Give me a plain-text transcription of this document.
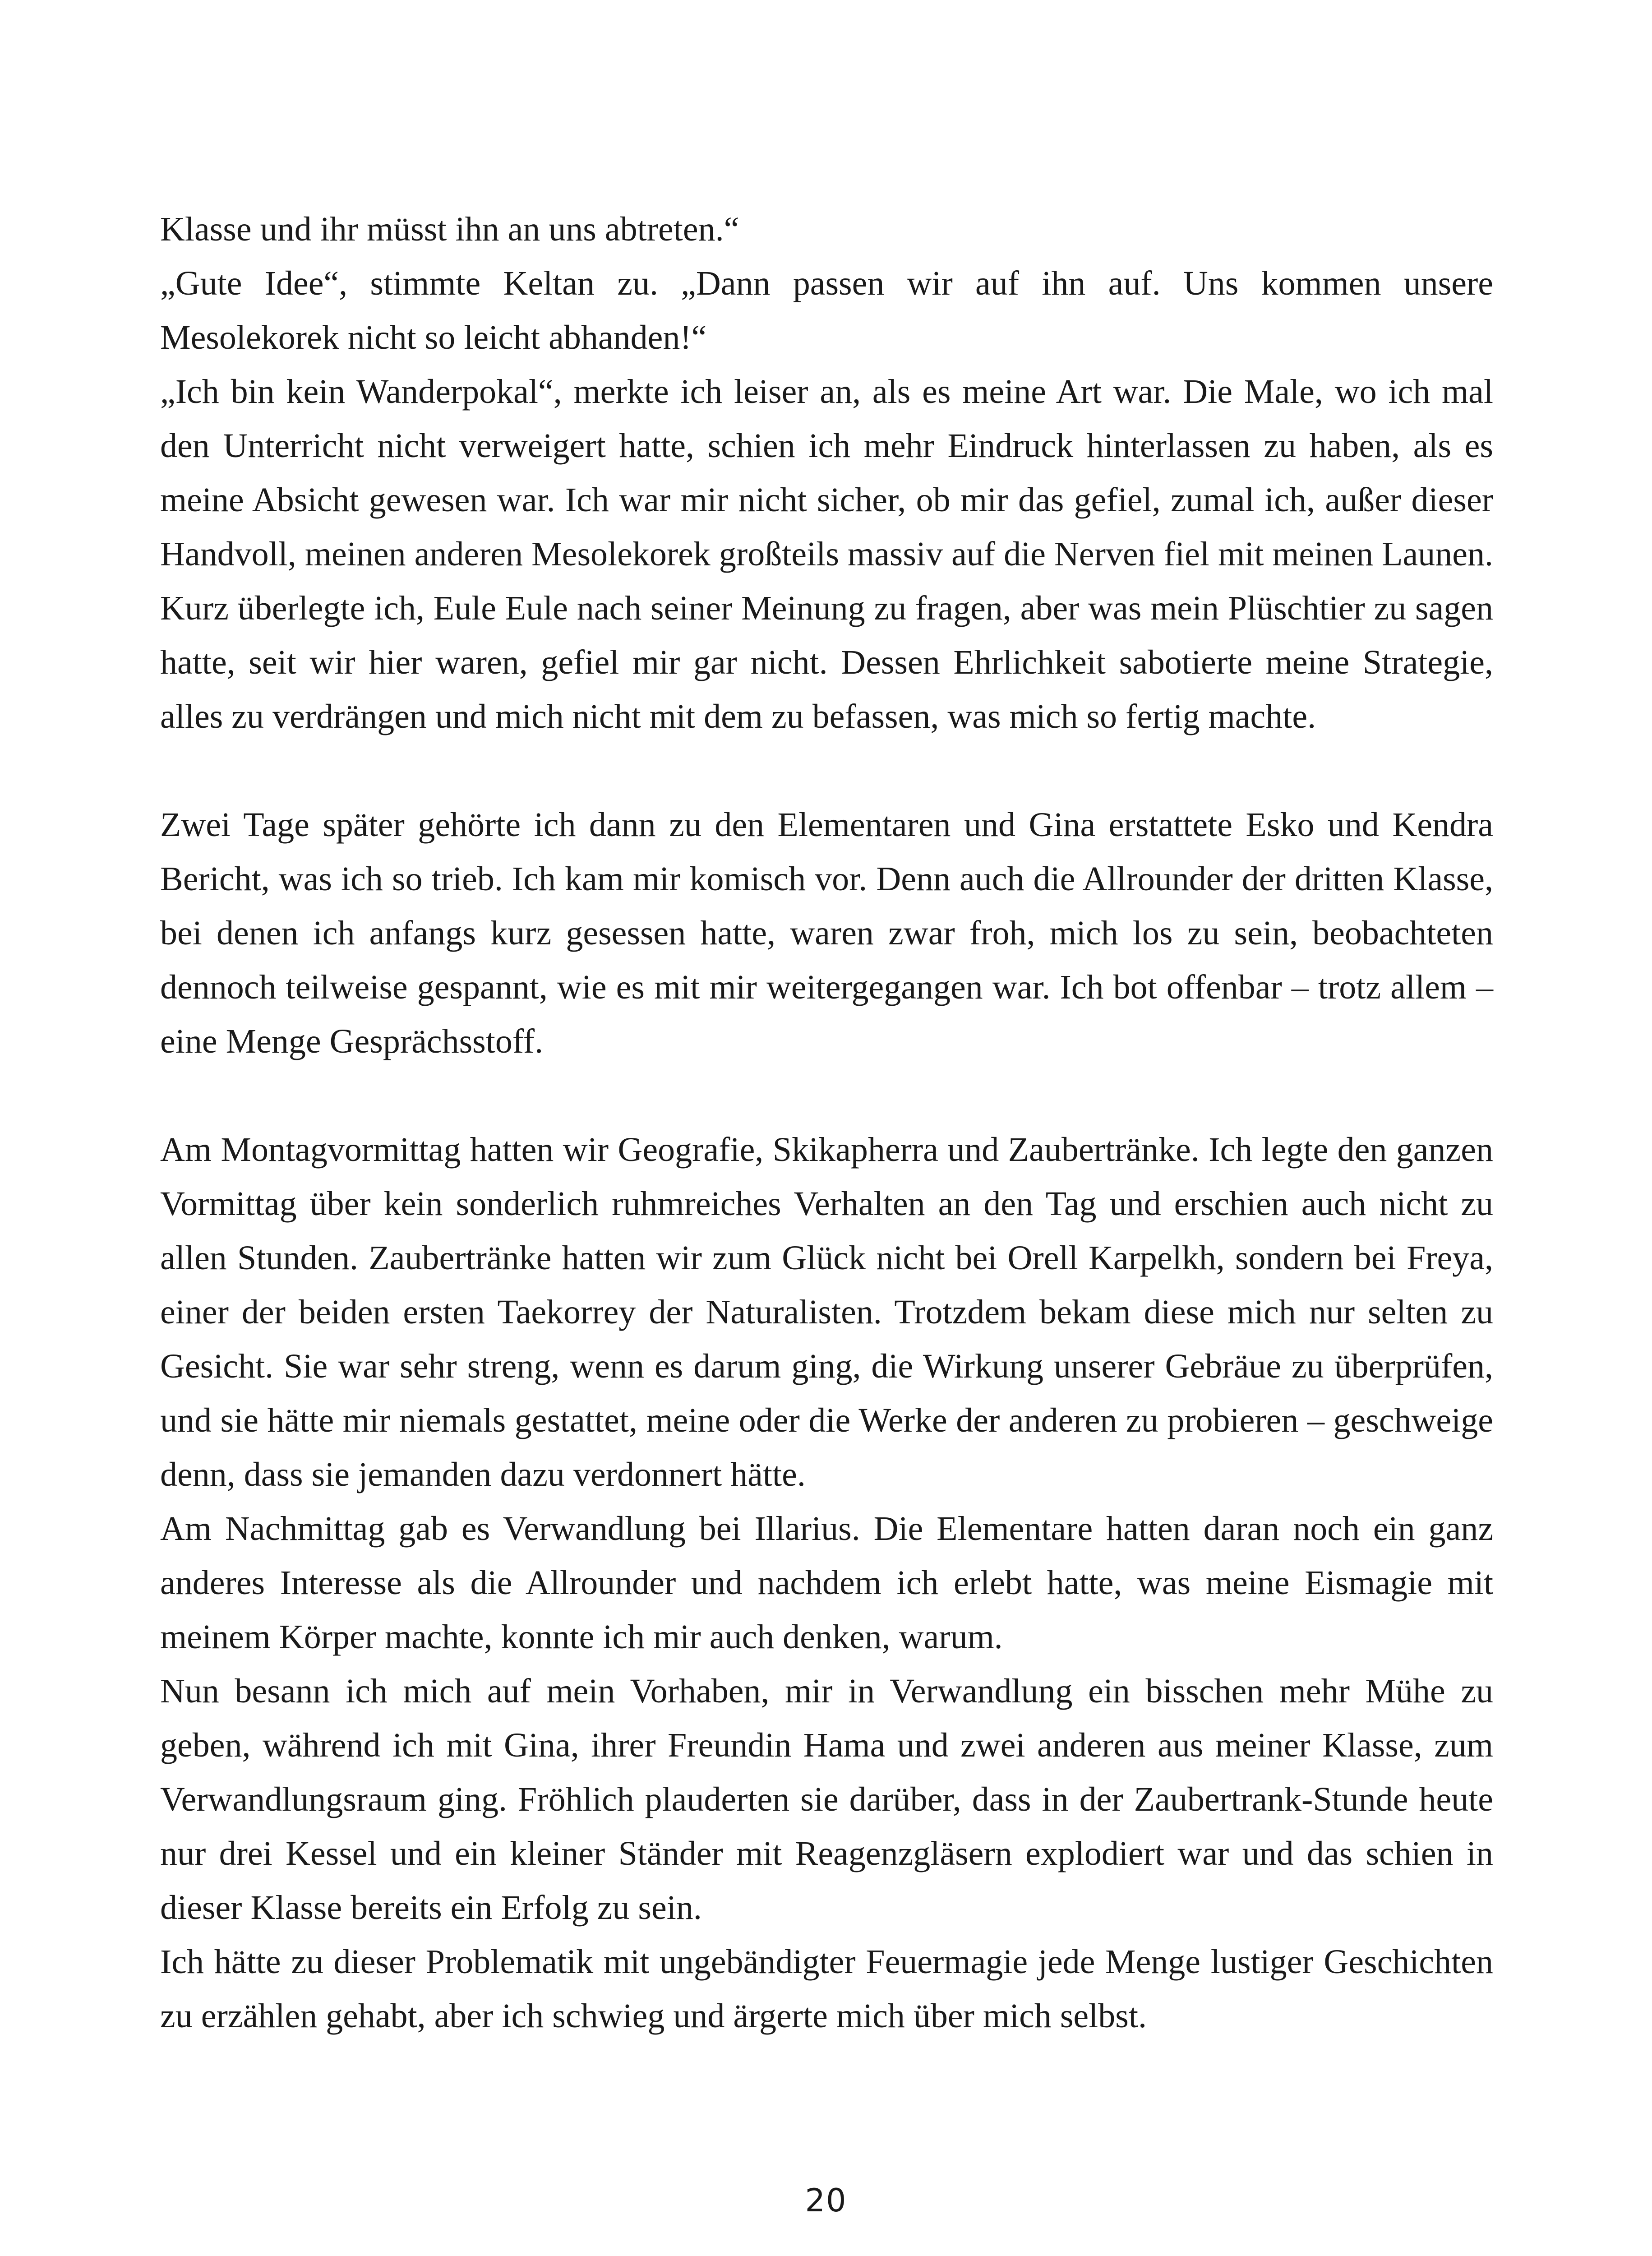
Klasse und ihr müsst ihn an uns abtreten.“

„Gute Idee“, stimmte Keltan zu. „Dann passen wir auf ihn auf. Uns kommen unsere Mesolekorek nicht so leicht abhanden!“

„Ich bin kein Wanderpokal“, merkte ich leiser an, als es meine Art war. Die Male, wo ich mal den Unterricht nicht verweigert hatte, schien ich mehr Eindruck hinterlassen zu haben, als es meine Absicht gewesen war. Ich war mir nicht sicher, ob mir das gefiel, zumal ich, außer dieser Handvoll, meinen anderen Mesolekorek großteils massiv auf die Nerven fiel mit meinen Launen. Kurz überlegte ich, Eule Eule nach seiner Meinung zu fragen, aber was mein Plüschtier zu sagen hatte, seit wir hier waren, gefiel mir gar nicht. Dessen Ehrlichkeit sabotierte meine Strategie, alles zu verdrängen und mich nicht mit dem zu befassen, was mich so fertig machte.

Zwei Tage später gehörte ich dann zu den Elementaren und Gina erstattete Esko und Kendra Bericht, was ich so trieb. Ich kam mir komisch vor. Denn auch die Allrounder der dritten Klasse, bei denen ich anfangs kurz gesessen hatte, waren zwar froh, mich los zu sein, beobachteten dennoch teilweise gespannt, wie es mit mir weitergegangen war. Ich bot offenbar – trotz allem – eine Menge Gesprächsstoff.

Am Montagvormittag hatten wir Geografie, Skikapherra und Zaubertränke. Ich legte den ganzen Vormittag über kein sonderlich ruhmreiches Verhalten an den Tag und erschien auch nicht zu allen Stunden. Zaubertränke hatten wir zum Glück nicht bei Orell Karpelkh, sondern bei Freya, einer der beiden ersten Taekorrey der Naturalisten. Trotzdem bekam diese mich nur selten zu Gesicht. Sie war sehr streng, wenn es darum ging, die Wirkung unserer Gebräue zu überprüfen, und sie hätte mir niemals gestattet, meine oder die Werke der anderen zu probieren – geschweige denn, dass sie jemanden dazu verdonnert hätte.

Am Nachmittag gab es Verwandlung bei Illarius. Die Elementare hatten daran noch ein ganz anderes Interesse als die Allrounder und nachdem ich erlebt hatte, was meine Eismagie mit meinem Körper machte, konnte ich mir auch denken, warum.

Nun besann ich mich auf mein Vorhaben, mir in Verwandlung ein bisschen mehr Mühe zu geben, während ich mit Gina, ihrer Freundin Hama und zwei anderen aus meiner Klasse, zum Verwandlungsraum ging. Fröhlich plauderten sie darüber, dass in der Zaubertrank-Stunde heute nur drei Kessel und ein kleiner Ständer mit Reagenzgläsern explodiert war und das schien in dieser Klasse bereits ein Erfolg zu sein.

Ich hätte zu dieser Problematik mit ungebändigter Feuermagie jede Menge lustiger Geschichten zu erzählen gehabt, aber ich schwieg und ärgerte mich über mich selbst.

20
